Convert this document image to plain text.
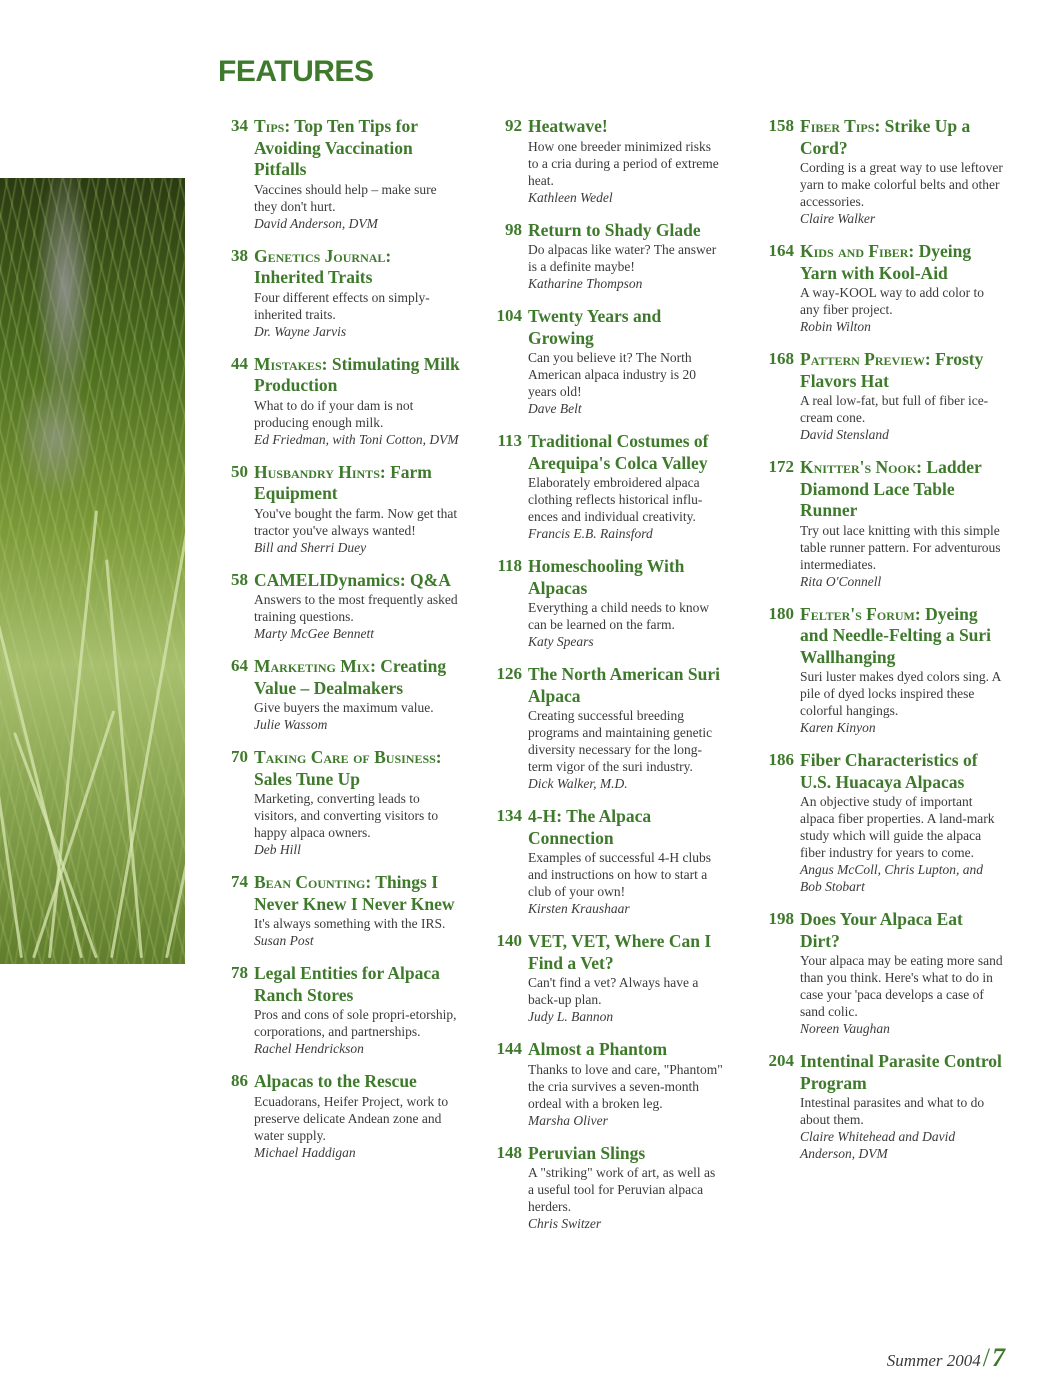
FEATURES
34 Tips: Top Ten Tips for Avoiding Vaccination Pitfalls
Vaccines should help – make sure they don't hurt.
David Anderson, DVM
38 Genetics Journal: Inherited Traits
Four different effects on simply-inherited traits.
Dr. Wayne Jarvis
44 Mistakes: Stimulating Milk Production
What to do if your dam is not producing enough milk.
Ed Friedman, with Toni Cotton, DVM
50 Husbandry Hints: Farm Equipment
You've bought the farm. Now get that tractor you've always wanted!
Bill and Sherri Duey
58 CAMELIDynamics: Q&A
Answers to the most frequently asked training questions.
Marty McGee Bennett
64 Marketing Mix: Creating Value – Dealmakers
Give buyers the maximum value.
Julie Wassom
70 Taking Care of Business: Sales Tune Up
Marketing, converting leads to visitors, and converting visitors to happy alpaca owners.
Deb Hill
74 Bean Counting: Things I Never Knew I Never Knew
It's always something with the IRS.
Susan Post
78 Legal Entities for Alpaca Ranch Stores
Pros and cons of sole propri-etorship, corporations, and partnerships.
Rachel Hendrickson
86 Alpacas to the Rescue
Ecuadorans, Heifer Project, work to preserve delicate Andean zone and water supply.
Michael Haddigan
92 Heatwave!
How one breeder minimized risks to a cria during a period of extreme heat.
Kathleen Wedel
98 Return to Shady Glade
Do alpacas like water? The answer is a definite maybe!
Katharine Thompson
104 Twenty Years and Growing
Can you believe it? The North American alpaca industry is 20 years old!
Dave Belt
113 Traditional Costumes of Arequipa's Colca Valley
Elaborately embroidered alpaca clothing reflects historical influ-ences and individual creativity.
Francis E.B. Rainsford
118 Homeschooling With Alpacas
Everything a child needs to know can be learned on the farm.
Katy Spears
126 The North American Suri Alpaca
Creating successful breeding programs and maintaining genetic diversity necessary for the long-term vigor of the suri industry.
Dick Walker, M.D.
134 4-H: The Alpaca Connection
Examples of successful 4-H clubs and instructions on how to start a club of your own!
Kirsten Kraushaar
140 VET, VET, Where Can I Find a Vet?
Can't find a vet? Always have a back-up plan.
Judy L. Bannon
144 Almost a Phantom
Thanks to love and care, "Phantom" the cria survives a seven-month ordeal with a broken leg.
Marsha Oliver
148 Peruvian Slings
A "striking" work of art, as well as a useful tool for Peruvian alpaca herders.
Chris Switzer
158 Fiber Tips: Strike Up a Cord?
Cording is a great way to use leftover yarn to make colorful belts and other accessories.
Claire Walker
164 Kids and Fiber: Dyeing Yarn with Kool-Aid
A way-KOOL way to add color to any fiber project.
Robin Wilton
168 Pattern Preview: Frosty Flavors Hat
A real low-fat, but full of fiber ice-cream cone.
David Stensland
172 Knitter's Nook: Ladder Diamond Lace Table Runner
Try out lace knitting with this simple table runner pattern. For adventurous intermediates.
Rita O'Connell
180 Felter's Forum: Dyeing and Needle-Felting a Suri Wallhanging
Suri luster makes dyed colors sing. A pile of dyed locks inspired these colorful hangings.
Karen Kinyon
186 Fiber Characteristics of U.S. Huacaya Alpacas
An objective study of important alpaca fiber properties. A land-mark study which will guide the alpaca fiber industry for years to come.
Angus McColl, Chris Lupton, and Bob Stobart
198 Does Your Alpaca Eat Dirt?
Your alpaca may be eating more sand than you think. Here's what to do in case your 'paca develops a case of sand colic.
Noreen Vaughan
204 Intentinal Parasite Control Program
Intestinal parasites and what to do about them.
Claire Whitehead and David Anderson, DVM
Summer 2004/7
